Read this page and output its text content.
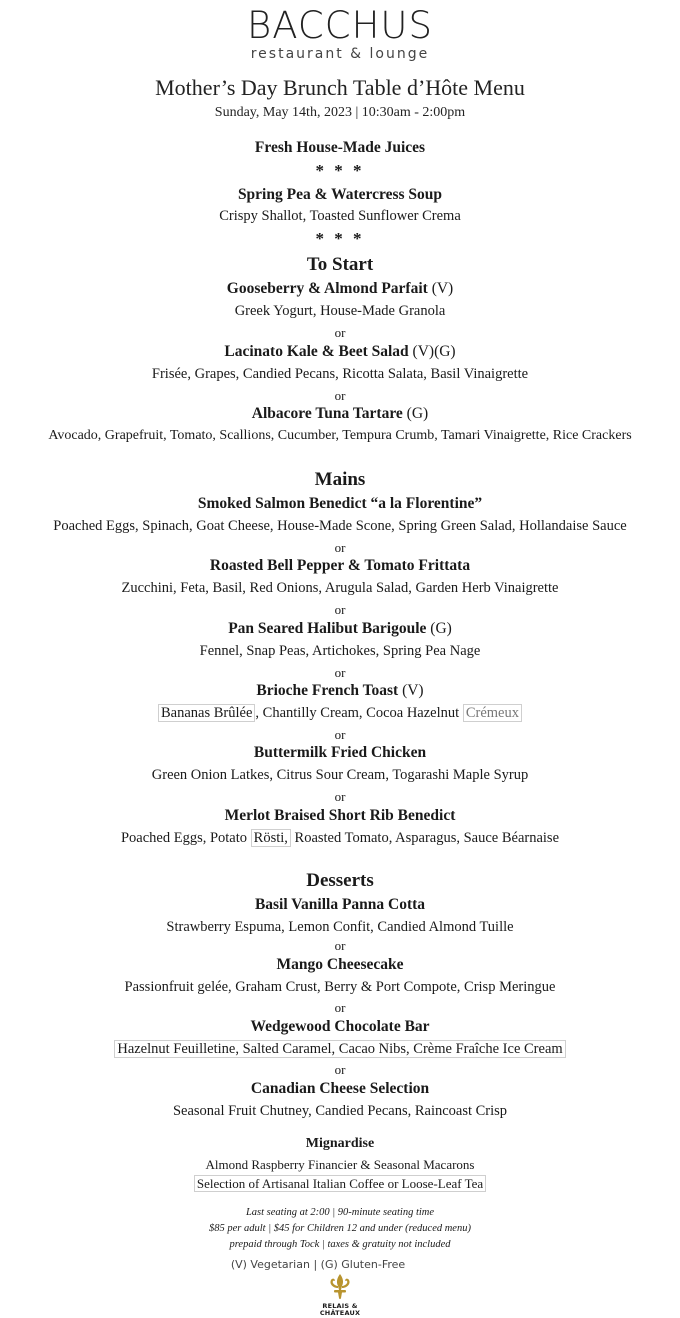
BACCHUS
restaurant & lounge
Mother’s Day Brunch Table d’Hôte Menu
Sunday, May 14th, 2023 | 10:30am - 2:00pm
Fresh House-Made Juices
* * *
Spring Pea & Watercress Soup
Crispy Shallot, Toasted Sunflower Crema
* * *
To Start
Gooseberry & Almond Parfait (V)
Greek Yogurt, House-Made Granola
or
Lacinato Kale & Beet Salad (V)(G)
Frisée, Grapes, Candied Pecans, Ricotta Salata, Basil Vinaigrette
or
Albacore Tuna Tartare (G)
Avocado, Grapefruit, Tomato, Scallions, Cucumber, Tempura Crumb, Tamari Vinaigrette, Rice Crackers
Mains
Smoked Salmon Benedict “a la Florentine”
Poached Eggs, Spinach, Goat Cheese, House-Made Scone, Spring Green Salad, Hollandaise Sauce
or
Roasted Bell Pepper & Tomato Frittata
Zucchini, Feta, Basil, Red Onions, Arugula Salad, Garden Herb Vinaigrette
or
Pan Seared Halibut Barigoule (G)
Fennel, Snap Peas, Artichokes, Spring Pea Nage
or
Brioche French Toast (V)
Bananas Brûlée , Chantilly Cream, Cocoa Hazelnut Crémeux
or
Buttermilk Fried Chicken
Green Onion Latkes, Citrus Sour Cream, Togarashi Maple Syrup
or
Merlot Braised Short Rib Benedict
Poached Eggs, Potato Rösti, Roasted Tomato, Asparagus, Sauce Béarnaise
Desserts
Basil Vanilla Panna Cotta
Strawberry Espuma, Lemon Confit, Candied Almond Tuille
or
Mango Cheesecake
Passionfruit gelée, Graham Crust, Berry & Port Compote, Crisp Meringue
or
Wedgewood Chocolate Bar
Hazelnut Feuilletine, Salted Caramel, Cacao Nibs, Crème Fraîche Ice Cream
or
Canadian Cheese Selection
Seasonal Fruit Chutney, Candied Pecans, Raincoast Crisp
Mignardise
Almond Raspberry Financier & Seasonal Macarons
Selection of Artisanal Italian Coffee or Loose-Leaf Tea
Last seating at 2:00 | 90-minute seating time
$85 per adult | $45 for Children 12 and under (reduced menu)
prepaid through Tock | taxes & gratuity not included
(V) Vegetarian | (G) Gluten-Free
RELAIS &
CHÂTEAUX
